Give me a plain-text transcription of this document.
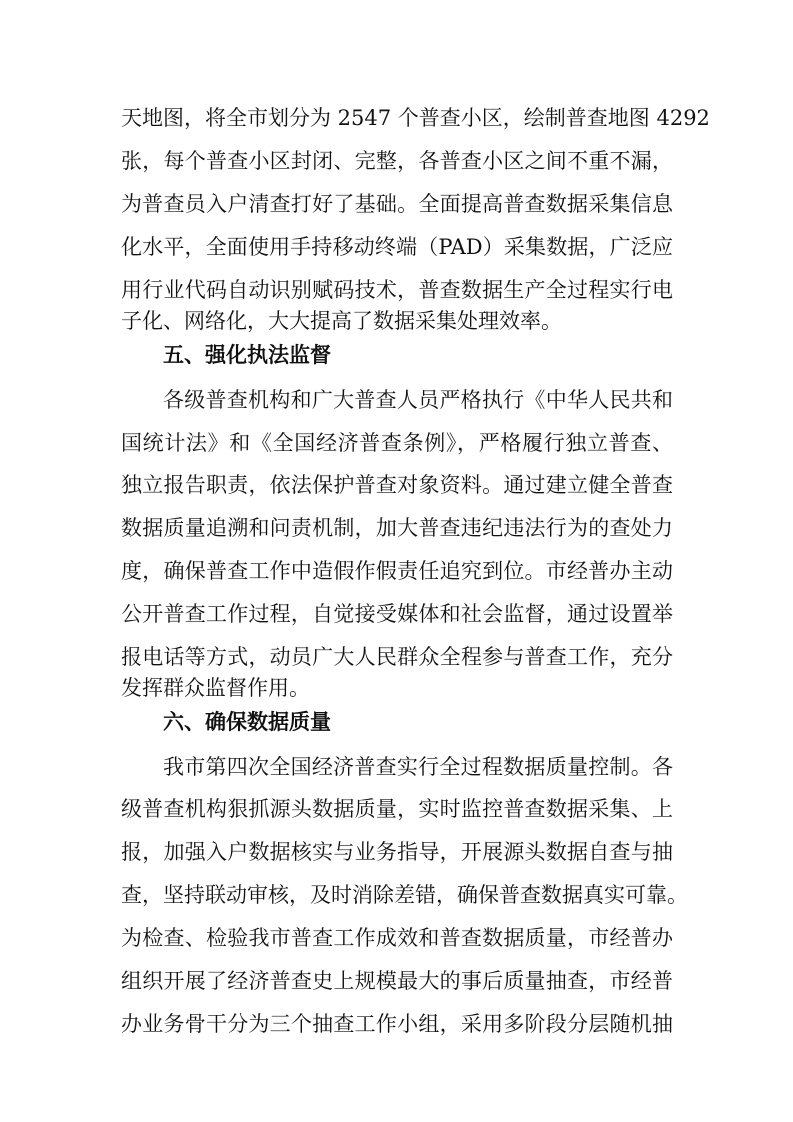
天地图，将全市划分为 2547 个普查小区，绘制普查地图 4292
张，每个普查小区封闭、完整，各普查小区之间不重不漏，
为普查员入户清查打好了基础。全面提高普查数据采集信息
化水平，全面使用手持移动终端（PAD）采集数据，广泛应
用行业代码自动识别赋码技术，普查数据生产全过程实行电
子化、网络化，大大提高了数据采集处理效率。
五、强化执法监督
各级普查机构和广大普查人员严格执行《中华人民共和
国统计法》和《全国经济普查条例》，严格履行独立普查、
独立报告职责，依法保护普查对象资料。通过建立健全普查
数据质量追溯和问责机制，加大普查违纪违法行为的查处力
度，确保普查工作中造假作假责任追究到位。市经普办主动
公开普查工作过程，自觉接受媒体和社会监督，通过设置举
报电话等方式，动员广大人民群众全程参与普查工作，充分
发挥群众监督作用。
六、确保数据质量
我市第四次全国经济普查实行全过程数据质量控制。各
级普查机构狠抓源头数据质量，实时监控普查数据采集、上
报，加强入户数据核实与业务指导，开展源头数据自查与抽
查，坚持联动审核，及时消除差错，确保普查数据真实可靠。
为检查、检验我市普查工作成效和普查数据质量，市经普办
组织开展了经济普查史上规模最大的事后质量抽查，市经普
办业务骨干分为三个抽查工作小组，采用多阶段分层随机抽
